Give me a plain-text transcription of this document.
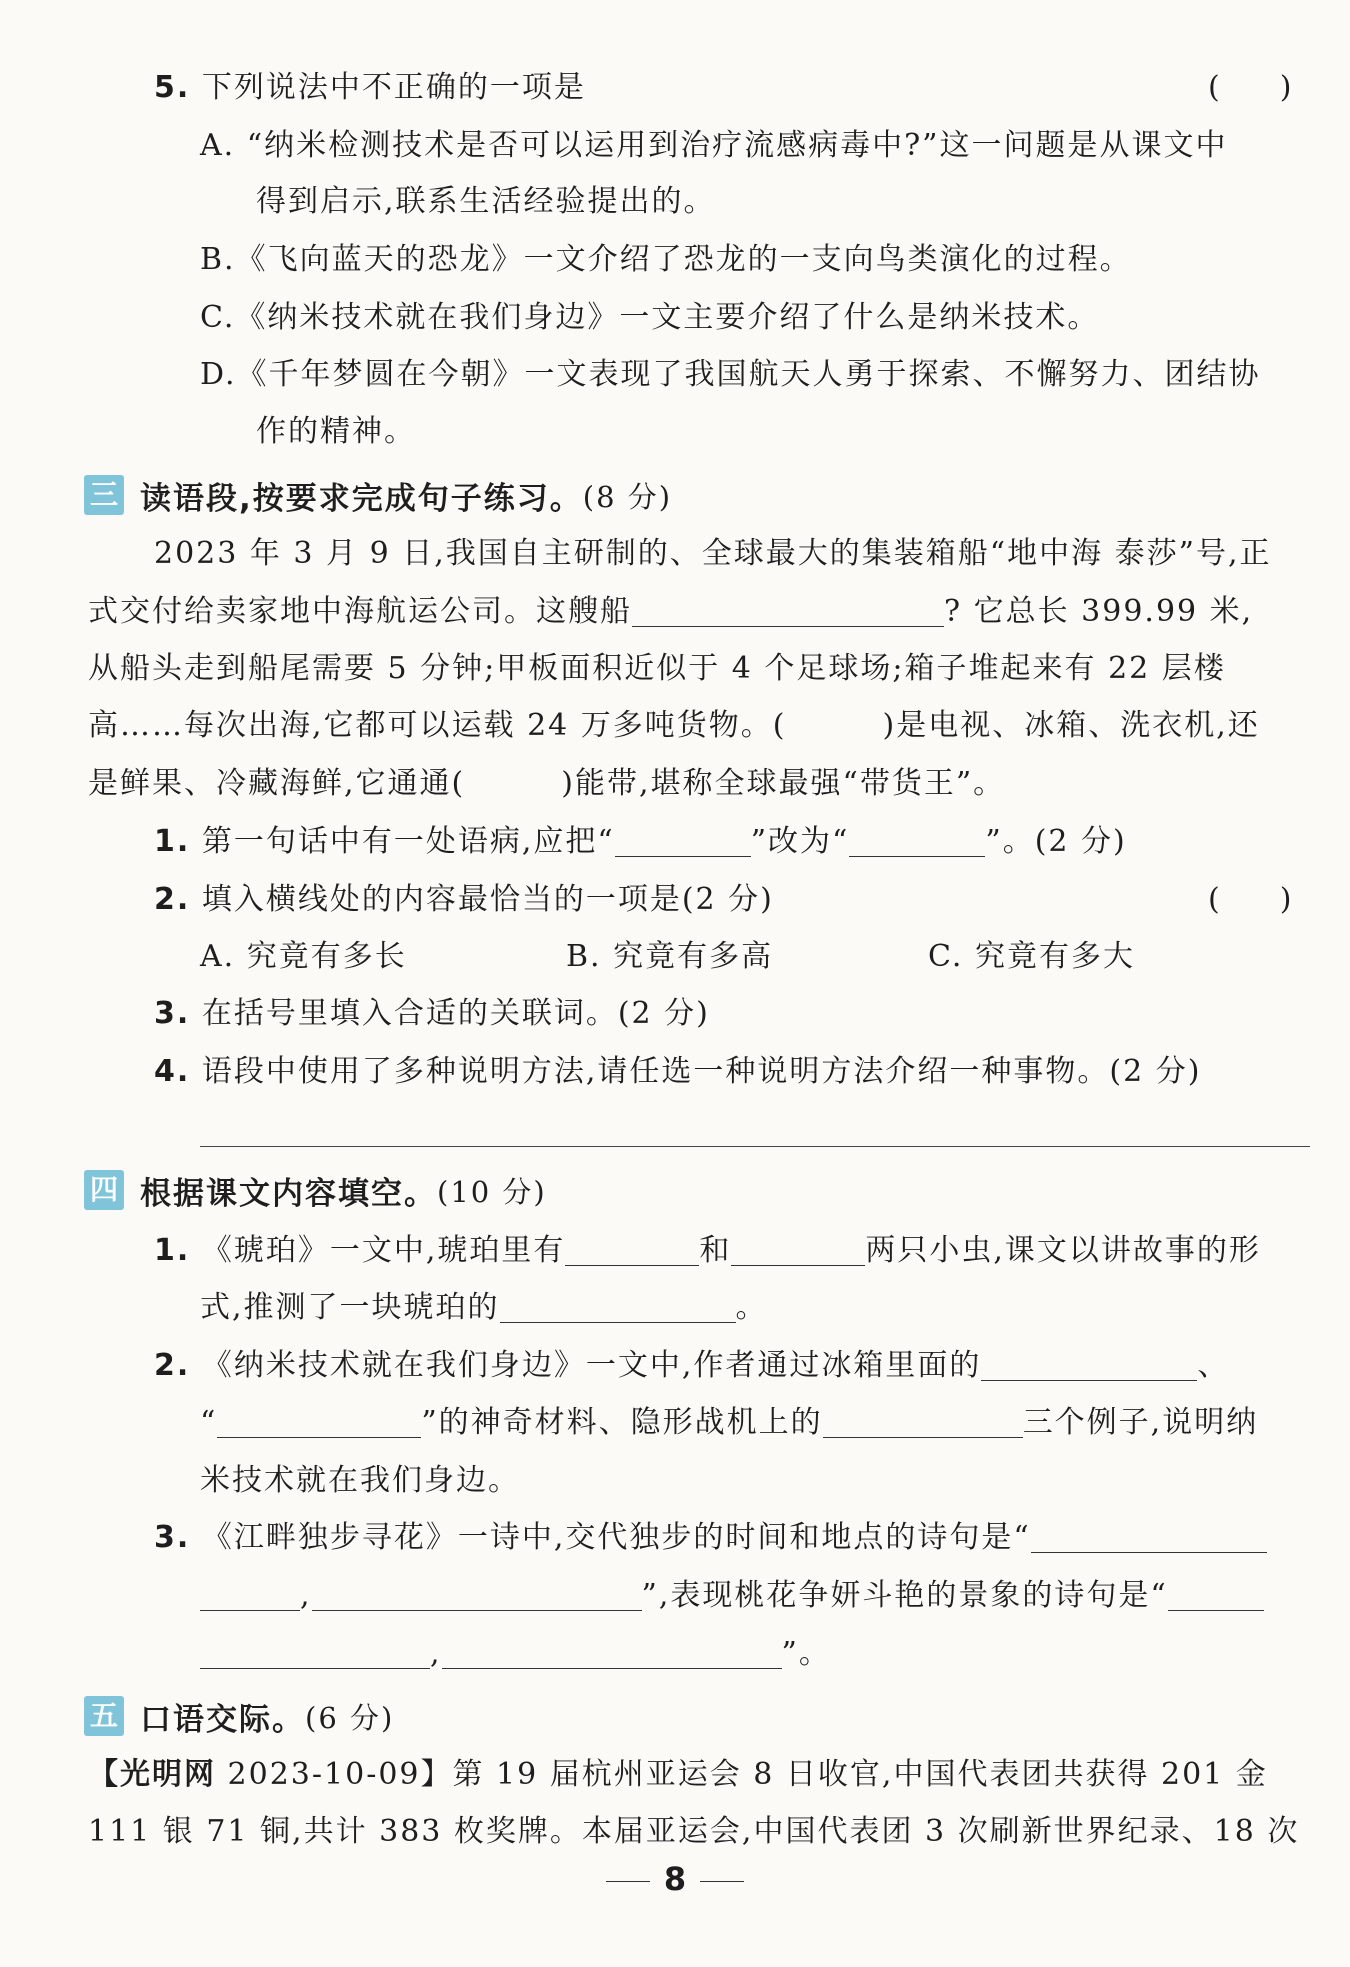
5. 下列说法中不正确的一项是	(　　)
A. “纳米检测技术是否可以运用到治疗流感病毒中?”这一问题是从课文中
得到启示,联系生活经验提出的。
B.《飞向蓝天的恐龙》一文介绍了恐龙的一支向鸟类演化的过程。
C.《纳米技术就在我们身边》一文主要介绍了什么是纳米技术。
D.《千年梦圆在今朝》一文表现了我国航天人勇于探索、不懈努力、团结协
作的精神。
三 读语段,按要求完成句子练习。 (8 分)
2023 年 3 月 9 日,我国自主研制的、全球最大的集装箱船“地中海 泰莎”号,正
式交付给卖家地中海航运公司。这艘船	? 它总长 399.99 米,
从船头走到船尾需要 5 分钟;甲板面积近似于 4 个足球场;箱子堆起来有 22 层楼
高……每次出海,它都可以运载 24 万多吨货物。(	)是电视、冰箱、洗衣机,还
是鲜果、冷藏海鲜,它通通(	)能带,堪称全球最强“带货王”。
1. 第一句话中有一处语病,应把“	”改为“	”。(2 分)
2. 填入横线处的内容最恰当的一项是(2 分)	(　　)
A. 究竟有多长	B. 究竟有多高	C. 究竟有多大
3. 在括号里填入合适的关联词。(2 分)
4. 语段中使用了多种说明方法,请任选一种说明方法介绍一种事物。(2 分)
四 根据课文内容填空。 (10 分)
1. 《琥珀》一文中,琥珀里有	和	两只小虫,课文以讲故事的形
式,推测了一块琥珀的	。
2. 《纳米技术就在我们身边》一文中,作者通过冰箱里面的	、
“	”的神奇材料、隐形战机上的	三个例子,说明纳
米技术就在我们身边。
3. 《江畔独步寻花》一诗中,交代独步的时间和地点的诗句是“
,	”,表现桃花争妍斗艳的景象的诗句是“
,	”。
五 口语交际。 (6 分)
【光明网 2023-10-09】第 19 届杭州亚运会 8 日收官,中国代表团共获得 201 金
111 银 71 铜,共计 383 枚奖牌。本届亚运会,中国代表团 3 次刷新世界纪录、18 次
8
